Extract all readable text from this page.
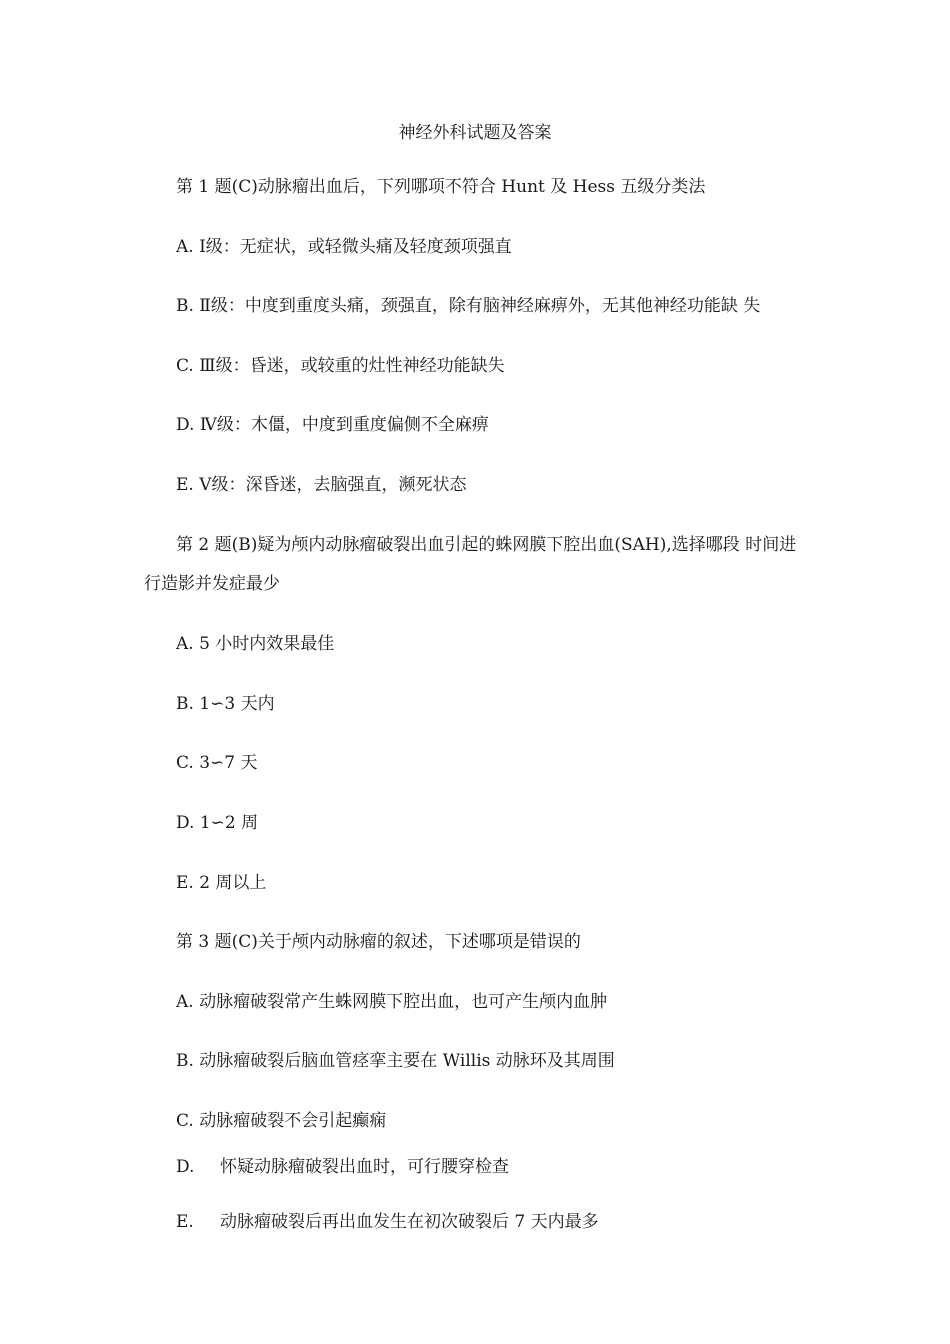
神经外科试题及答案
第 1 题(C)动脉瘤出血后，下列哪项不符合 Hunt 及 Hess 五级分类法
A. Ⅰ级：无症状，或轻微头痛及轻度颈项强直
B. Ⅱ级：中度到重度头痛，颈强直，除有脑神经麻痹外，无其他神经功能缺 失
C. Ⅲ级：昏迷，或较重的灶性神经功能缺失
D. Ⅳ级：木僵，中度到重度偏侧不全麻痹
E. Ⅴ级：深昏迷，去脑强直，濒死状态
第 2 题(B)疑为颅内动脉瘤破裂出血引起的蛛网膜下腔出血(SAH),选择哪段 时间进
行造影并发症最少
A. 5 小时内效果最佳
B. 1∽3 天内
C. 3∽7 天
D. 1∽2 周
E. 2 周以上
第 3 题(C)关于颅内动脉瘤的叙述，下述哪项是错误的
A. 动脉瘤破裂常产生蛛网膜下腔出血，也可产生颅内血肿
B. 动脉瘤破裂后脑血管痉挛主要在 Willis 动脉环及其周围
C. 动脉瘤破裂不会引起癫痫
D. 怀疑动脉瘤破裂出血时，可行腰穿检查
E. 动脉瘤破裂后再出血发生在初次破裂后 7 天内最多
